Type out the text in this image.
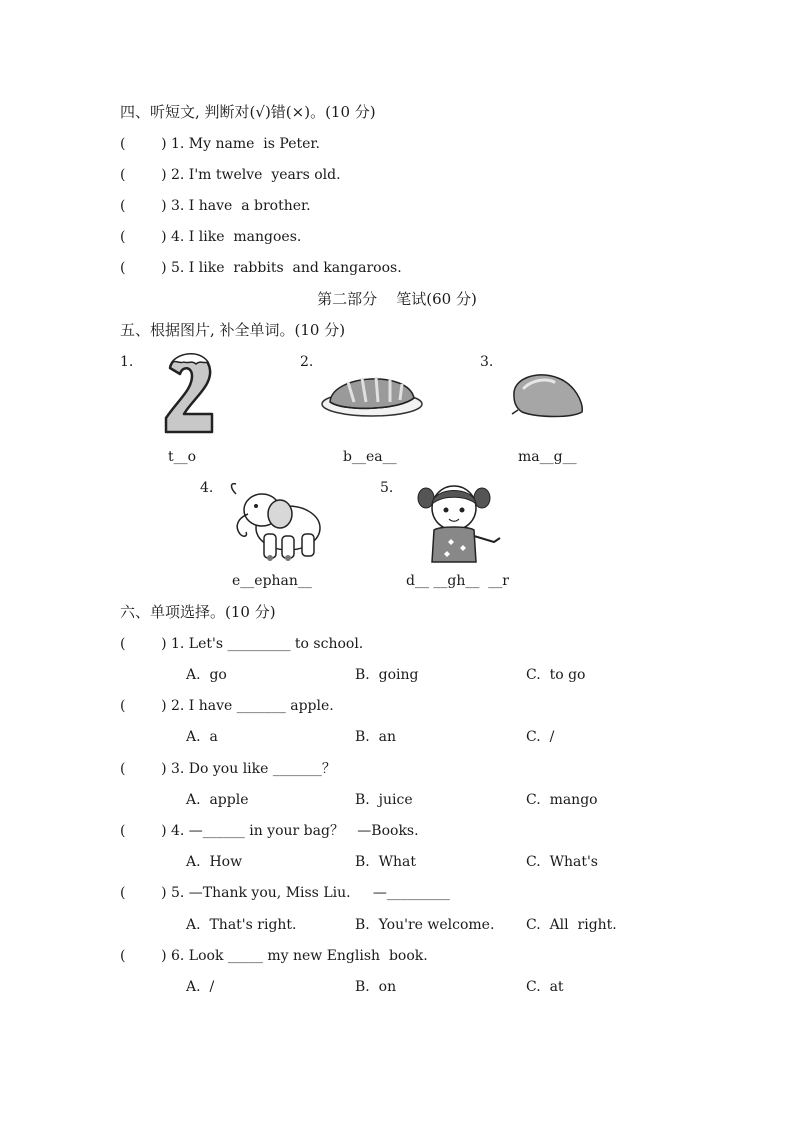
四、听短文, 判断对(√)错(×)。(10 分)
(        ) 1. My name  is Peter.
(        ) 2. I'm twelve  years old.
(        ) 3. I have  a brother.
(        ) 4. I like  mangoes.
(        ) 5. I like  rabbits  and kangaroos.
第二部分    笔试(60 分)
五、根据图片, 补全单词。(10 分)
1.	2.	3.
t__o	b__ea__	ma__g__
4.	5.
e__ephan__	d__ __gh__  __r
六、单项选择。(10 分)
(        ) 1. Let's _________ to school.
A.  go	B.  going	C.  to go
(        ) 2. I have _______ apple.
A.  a	B.  an	C.  /
(        ) 3. Do you like _______？
A.  apple	B.  juice	C.  mango
(        ) 4. —______ in your bag？   —Books.
A.  How	B.  What	C.  What's
(        ) 5. —Thank you, Miss Liu.     —_________
A.  That's right.	B.  You're welcome. C.  All  right.
(        ) 6. Look _____ my new English  book.
A.  /	B.  on	C.  at
